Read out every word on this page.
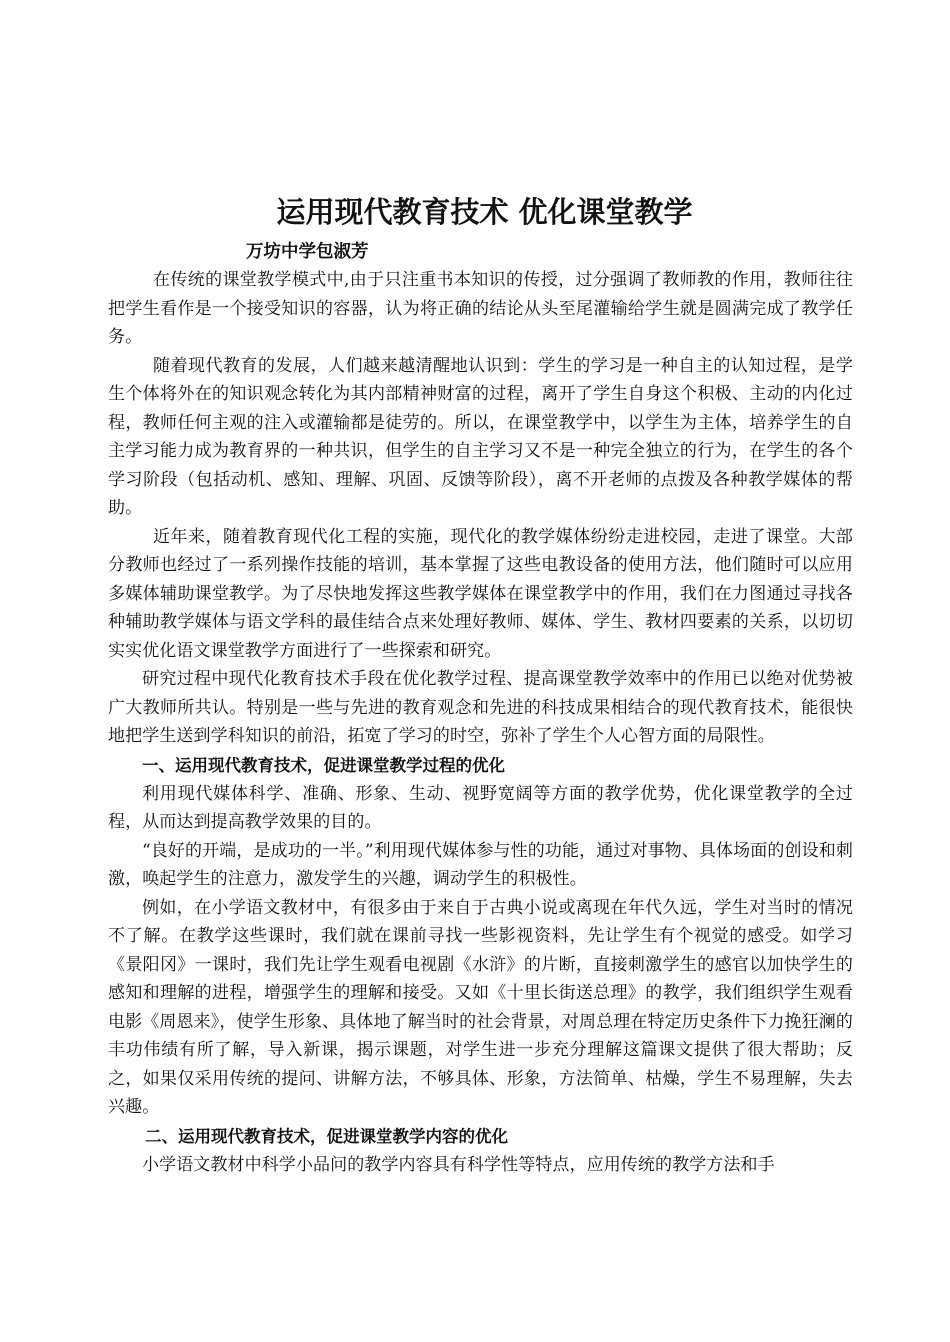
运用现代教育技术 优化课堂教学
万坊中学包淑芳

在传统的课堂教学模式中,由于只注重书本知识的传授，过分强调了教师教的作用，教师往往把学生看作是一个接受知识的容器，认为将正确的结论从头至尾灌输给学生就是圆满完成了教学任务。

随着现代教育的发展，人们越来越清醒地认识到：学生的学习是一种自主的认知过程，是学生个体将外在的知识观念转化为其内部精神财富的过程，离开了学生自身这个积极、主动的内化过程，教师任何主观的注入或灌输都是徒劳的。所以，在课堂教学中，以学生为主体，培养学生的自主学习能力成为教育界的一种共识，但学生的自主学习又不是一种完全独立的行为，在学生的各个学习阶段（包括动机、感知、理解、巩固、反馈等阶段），离不开老师的点拨及各种教学媒体的帮助。

近年来，随着教育现代化工程的实施，现代化的教学媒体纷纷走进校园，走进了课堂。大部分教师也经过了一系列操作技能的培训，基本掌握了这些电教设备的使用方法，他们随时可以应用多媒体辅助课堂教学。为了尽快地发挥这些教学媒体在课堂教学中的作用，我们在力图通过寻找各种辅助教学媒体与语文学科的最佳结合点来处理好教师、媒体、学生、教材四要素的关系，以切切实实优化语文课堂教学方面进行了一些探索和研究。

研究过程中现代化教育技术手段在优化教学过程、提高课堂教学效率中的作用已以绝对优势被广大教师所共认。特别是一些与先进的教育观念和先进的科技成果相结合的现代教育技术，能很快地把学生送到学科知识的前沿，拓宽了学习的时空，弥补了学生个人心智方面的局限性。

一、运用现代教育技术，促进课堂教学过程的优化

利用现代媒体科学、准确、形象、生动、视野宽阔等方面的教学优势，优化课堂教学的全过程，从而达到提高教学效果的目的。

“良好的开端，是成功的一半。”利用现代媒体参与性的功能，通过对事物、具体场面的创设和刺激，唤起学生的注意力，激发学生的兴趣，调动学生的积极性。

例如，在小学语文教材中，有很多由于来自于古典小说或离现在年代久远，学生对当时的情况不了解。在教学这些课时，我们就在课前寻找一些影视资料，先让学生有个视觉的感受。如学习《景阳冈》一课时，我们先让学生观看电视剧《水浒》的片断，直接刺激学生的感官以加快学生的感知和理解的进程，增强学生的理解和接受。又如《十里长街送总理》的教学，我们组织学生观看电影《周恩来》，使学生形象、具体地了解当时的社会背景，对周总理在特定历史条件下力挽狂澜的丰功伟绩有所了解，导入新课，揭示课题，对学生进一步充分理解这篇课文提供了很大帮助；反之，如果仅采用传统的提问、讲解方法，不够具体、形象，方法简单、枯燥，学生不易理解，失去兴趣。

二、运用现代教育技术，促进课堂教学内容的优化

小学语文教材中科学小品问的教学内容具有科学性等特点，应用传统的教学方法和手
